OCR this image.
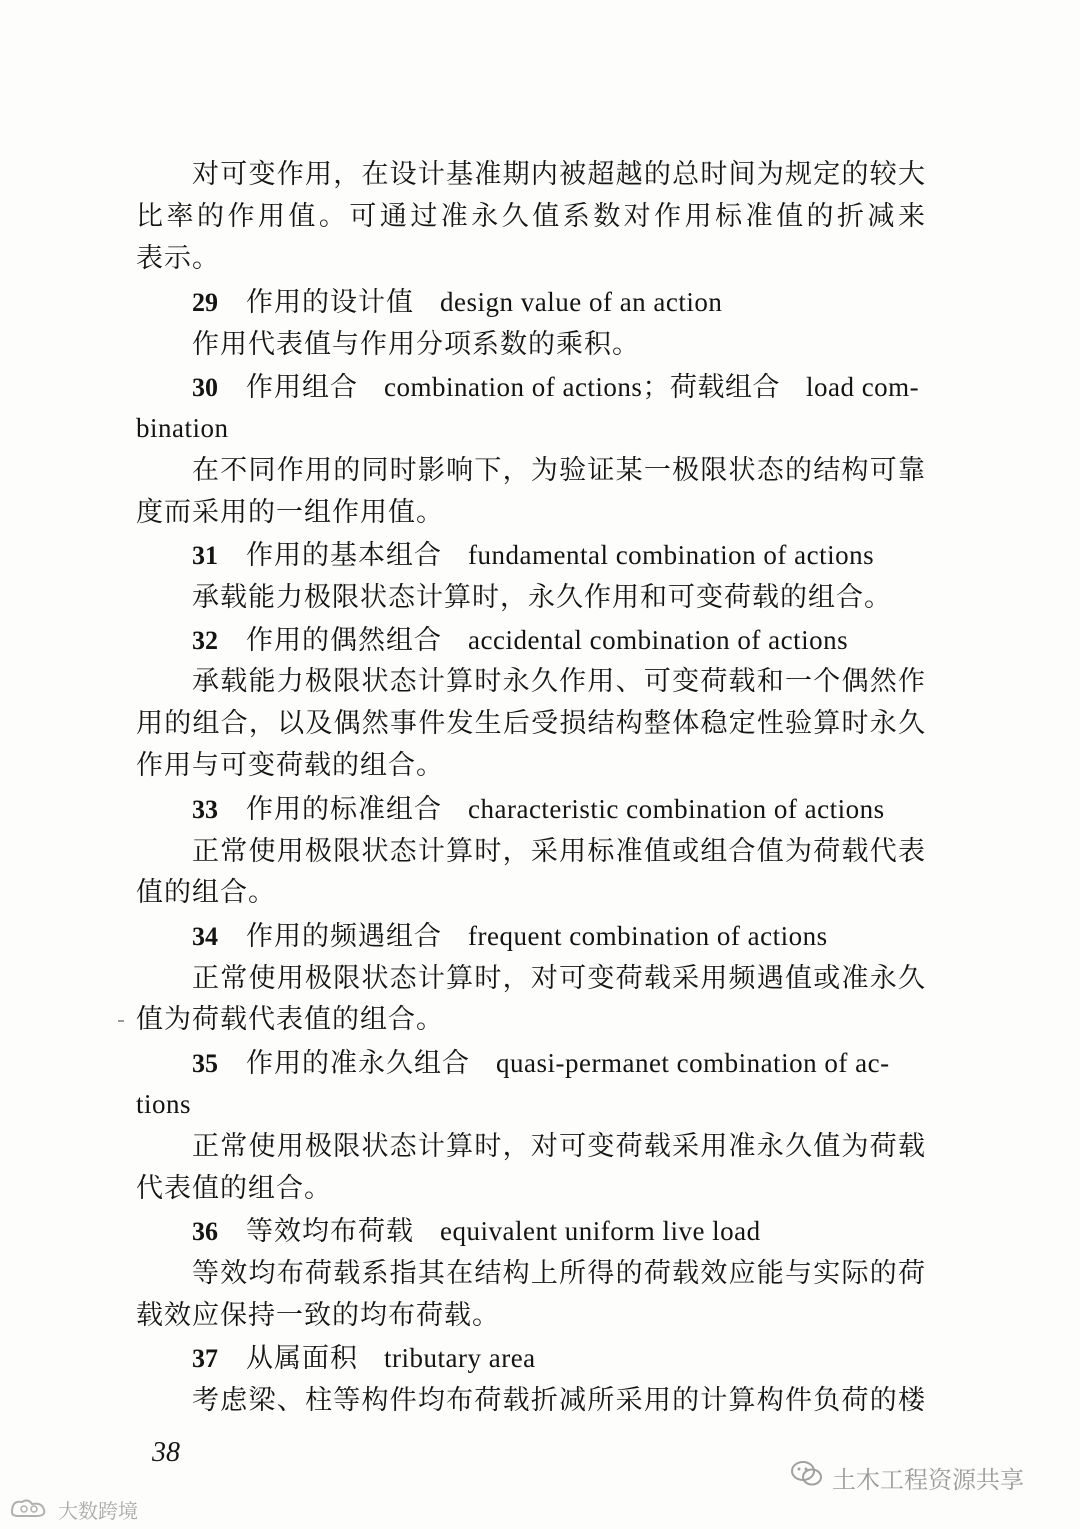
对可变作用，在设计基准期内被超越的总时间为规定的较大
比率的作用值。可通过准永久值系数对作用标准值的折减来
表示。
29 作用的设计值 design value of an action
作用代表值与作用分项系数的乘积。
30 作用组合 combination of actions；荷载组合 load com-
bination
在不同作用的同时影响下，为验证某一极限状态的结构可靠
度而采用的一组作用值。
31 作用的基本组合 fundamental combination of actions
承载能力极限状态计算时，永久作用和可变荷载的组合。
32 作用的偶然组合 accidental combination of actions
承载能力极限状态计算时永久作用、可变荷载和一个偶然作
用的组合，以及偶然事件发生后受损结构整体稳定性验算时永久
作用与可变荷载的组合。
33 作用的标准组合 characteristic combination of actions
正常使用极限状态计算时，采用标准值或组合值为荷载代表
值的组合。
34 作用的频遇组合 frequent combination of actions
正常使用极限状态计算时，对可变荷载采用频遇值或准永久
值为荷载代表值的组合。
35 作用的准永久组合 quasi-permanet combination of ac-
tions
正常使用极限状态计算时，对可变荷载采用准永久值为荷载
代表值的组合。
36 等效均布荷载 equivalent uniform live load
等效均布荷载系指其在结构上所得的荷载效应能与实际的荷
载效应保持一致的均布荷载。
37 从属面积 tributary area
考虑梁、柱等构件均布荷载折减所采用的计算构件负荷的楼
38
土木工程资源共享
大数跨境
